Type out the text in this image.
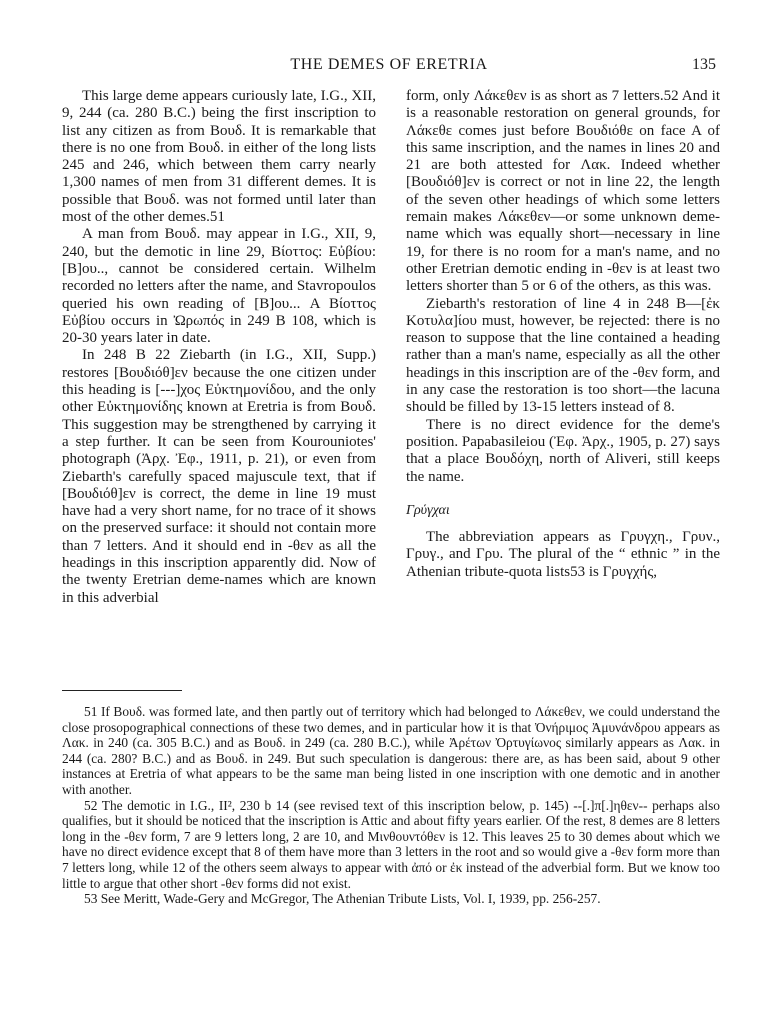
THE DEMES OF ERETRIA	135

This large deme appears curiously late, I.G., XII, 9, 244 (ca. 280 B.C.) being the first inscription to list any citizen as from Βουδ. It is remarkable that there is no one from Βουδ. in either of the long lists 245 and 246, which between them carry nearly 1,300 names of men from 31 different demes. It is possible that Βουδ. was not formed until later than most of the other demes.51

A man from Βουδ. may appear in I.G., XII, 9, 240, but the demotic in line 29, Βίοττος: Εὐβίου: [Β]ου.., cannot be considered certain. Wilhelm recorded no letters after the name, and Stavropoulos queried his own reading of [Β]ου... A Βίοττος Εὐβίου occurs in Ὠρωπός in 249 B 108, which is 20-30 years later in date.

In 248 B 22 Ziebarth (in I.G., XII, Supp.) restores [Βουδιόθ]εν because the one citizen under this heading is [---]χος Εὐκτημονίδου, and the only other Εὐκτημονίδης known at Eretria is from Βουδ. This suggestion may be strengthened by carrying it a step further. It can be seen from Kourouniotes' photograph (Ἀρχ. Ἐφ., 1911, p. 21), or even from Ziebarth's carefully spaced majuscule text, that if [Βουδιόθ]εν is correct, the deme in line 19 must have had a very short name, for no trace of it shows on the preserved surface: it should not contain more than 7 letters. And it should end in -θεν as all the headings in this inscription apparently did. Now of the twenty Eretrian deme-names which are known in this adverbial

form, only Λάκεθεν is as short as 7 letters.52 And it is a reasonable restoration on general grounds, for Λάκεθε comes just before Βουδιόθε on face A of this same inscription, and the names in lines 20 and 21 are both attested for Λακ. Indeed whether [Βουδιόθ]εν is correct or not in line 22, the length of the seven other headings of which some letters remain makes Λάκεθεν—or some unknown deme-name which was equally short—necessary in line 19, for there is no room for a man's name, and no other Eretrian demotic ending in -θεν is at least two letters shorter than 5 or 6 of the others, as this was.

Ziebarth's restoration of line 4 in 248 B—[ἐκ Κοτυλα]ίου must, however, be rejected: there is no reason to suppose that the line contained a heading rather than a man's name, especially as all the other headings in this inscription are of the -θεν form, and in any case the restoration is too short—the lacuna should be filled by 13-15 letters instead of 8.

There is no direct evidence for the deme's position. Papabasileiou (Ἐφ. Ἀρχ., 1905, p. 27) says that a place Βουδόχη, north of Aliveri, still keeps the name.

Γρύγχαι

The abbreviation appears as Γρυγχη., Γρυν., Γρυγ., and Γρυ. The plural of the “ ethnic ” in the Athenian tribute-quota lists53 is Γρυγχής,

51 If Βουδ. was formed late, and then partly out of territory which had belonged to Λάκεθεν, we could understand the close prosopographical connections of these two demes, and in particular how it is that Ὀνήριμος Ἀμυνάνδρου appears as Λακ. in 240 (ca. 305 B.C.) and as Βουδ. in 249 (ca. 280 B.C.), while Ἀρέτων Ὀρτυγίωνος similarly appears as Λακ. in 244 (ca. 280? B.C.) and as Βουδ. in 249. But such speculation is dangerous: there are, as has been said, about 9 other instances at Eretria of what appears to be the same man being listed in one inscription with one demotic and in another with another.

52 The demotic in I.G., II², 230 b 14 (see revised text of this inscription below, p. 145) --[.]π[.]ηθεν-- perhaps also qualifies, but it should be noticed that the inscription is Attic and about fifty years earlier. Of the rest, 8 demes are 8 letters long in the -θεν form, 7 are 9 letters long, 2 are 10, and Μινθουντόθεν is 12. This leaves 25 to 30 demes about which we have no direct evidence except that 8 of them have more than 3 letters in the root and so would give a -θεν form more than 7 letters long, while 12 of the others seem always to appear with ἀπό or ἐκ instead of the adverbial form. But we know too little to argue that other short -θεν forms did not exist.

53 See Meritt, Wade-Gery and McGregor, The Athenian Tribute Lists, Vol. I, 1939, pp. 256-257.
